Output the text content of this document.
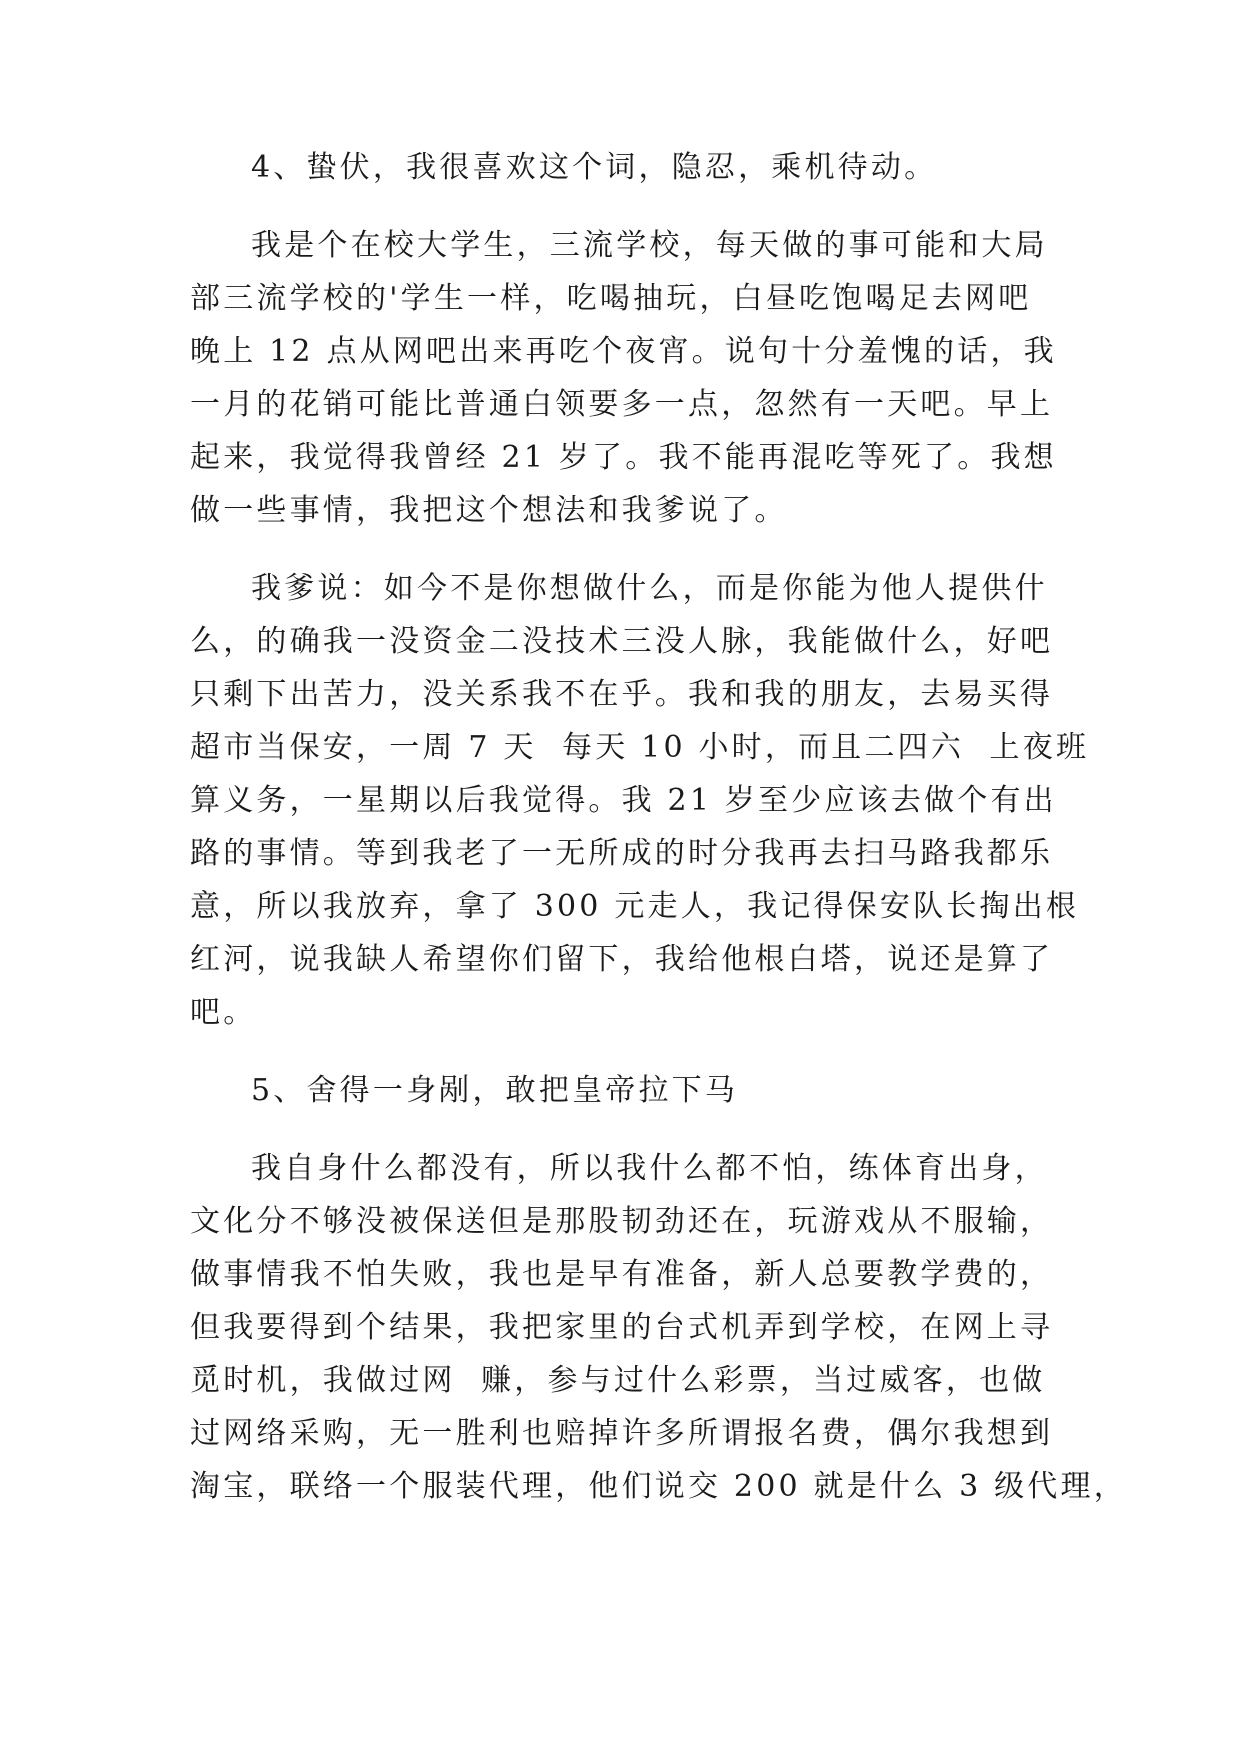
4、蛰伏，我很喜欢这个词，隐忍，乘机待动。

我是个在校大学生，三流学校，每天做的事可能和大局

部三流学校的'学生一样，吃喝抽玩，白昼吃饱喝足去网吧

晚上 12 点从网吧出来再吃个夜宵。说句十分羞愧的话，我

一月的花销可能比普通白领要多一点，忽然有一天吧。早上

起来，我觉得我曾经 21 岁了。我不能再混吃等死了。我想

做一些事情，我把这个想法和我爹说了。

我爹说：如今不是你想做什么，而是你能为他人提供什

么，的确我一没资金二没技术三没人脉，我能做什么，好吧

只剩下出苦力，没关系我不在乎。我和我的朋友，去易买得

超市当保安，一周 7 天  每天 10 小时，而且二四六  上夜班

算义务，一星期以后我觉得。我 21 岁至少应该去做个有出

路的事情。等到我老了一无所成的时分我再去扫马路我都乐

意，所以我放弃，拿了 300 元走人，我记得保安队长掏出根

红河，说我缺人希望你们留下，我给他根白塔，说还是算了

吧。

5、舍得一身剐，敢把皇帝拉下马

我自身什么都没有，所以我什么都不怕，练体育出身，

文化分不够没被保送但是那股韧劲还在，玩游戏从不服输，

做事情我不怕失败，我也是早有准备，新人总要教学费的，

但我要得到个结果，我把家里的台式机弄到学校，在网上寻

觅时机，我做过网  赚，参与过什么彩票，当过威客，也做

过网络采购，无一胜利也赔掉许多所谓报名费，偶尔我想到

淘宝，联络一个服装代理，他们说交 200 就是什么 3 级代理，
